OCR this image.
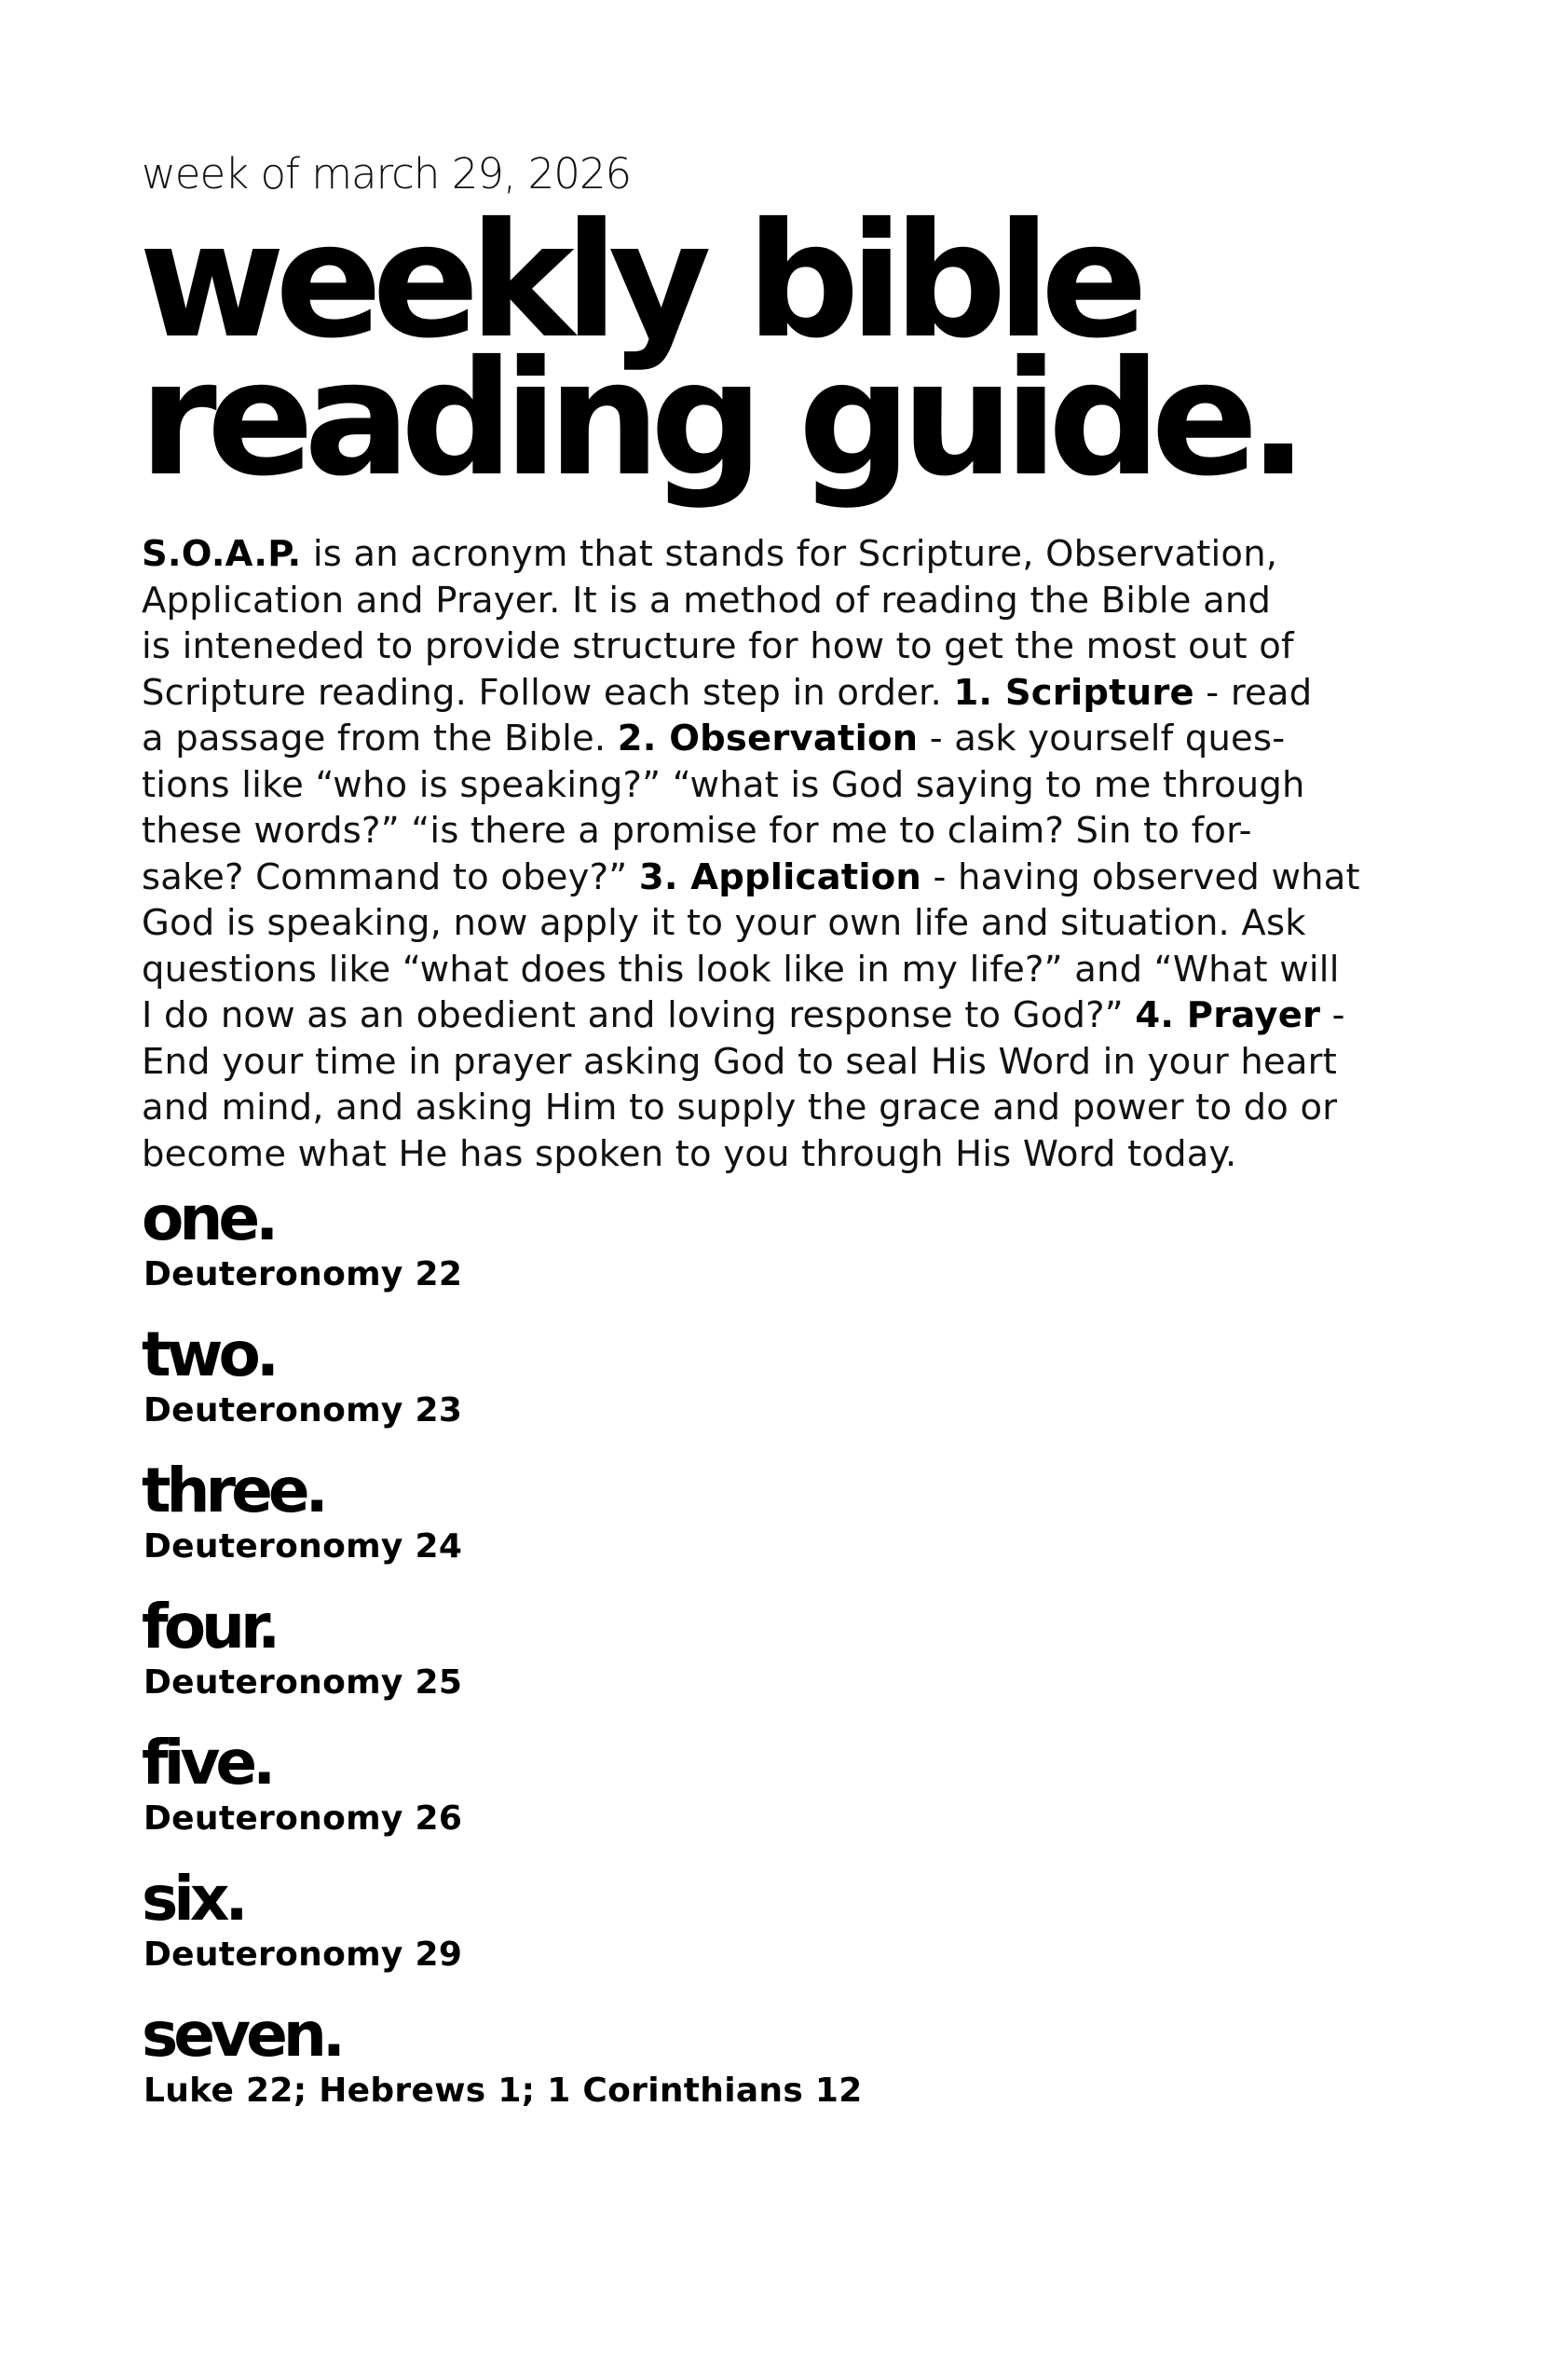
week of march 29, 2026
weekly bible
reading guide.

S.O.A.P. is an acronym that stands for Scripture, Observation,
Application and Prayer. It is a method of reading the Bible and
is inteneded to provide structure for how to get the most out of
Scripture reading. Follow each step in order. 1. Scripture - read
a passage from the Bible. 2. Observation - ask yourself ques-
tions like “who is speaking?” “what is God saying to me through
these words?” “is there a promise for me to claim? Sin to for-
sake? Command to obey?” 3. Application - having observed what
God is speaking, now apply it to your own life and situation. Ask
questions like “what does this look like in my life?” and “What will
I do now as an obedient and loving response to God?” 4. Prayer -
End your time in prayer asking God to seal His Word in your heart
and mind, and asking Him to supply the grace and power to do or
become what He has spoken to you through His Word today.

one.
Deuteronomy 22
two.
Deuteronomy 23
three.
Deuteronomy 24
four.
Deuteronomy 25
five.
Deuteronomy 26
six.
Deuteronomy 29
seven.
Luke 22; Hebrews 1; 1 Corinthians 12
